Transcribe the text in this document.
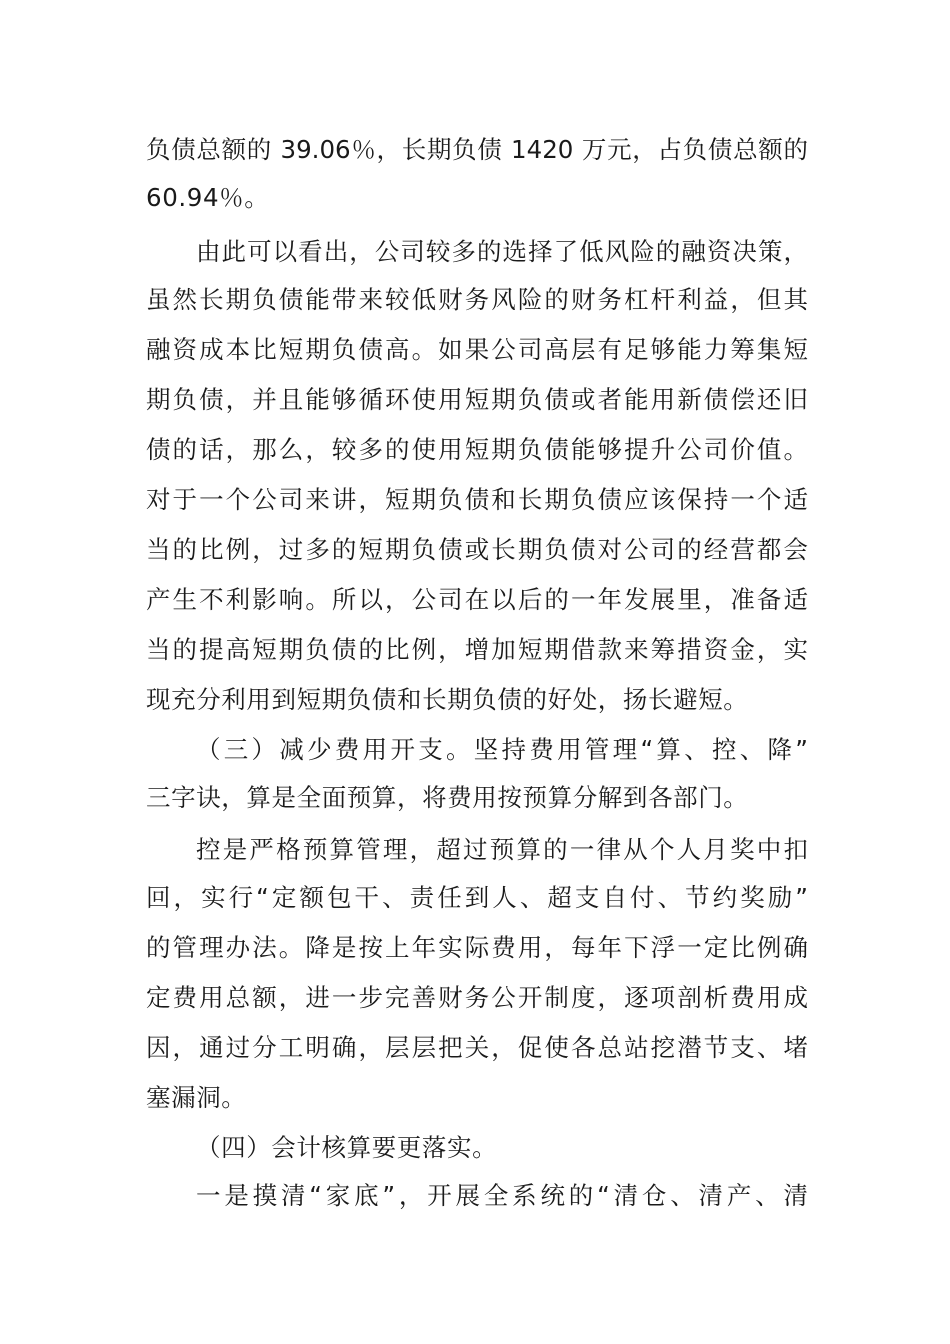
负债总额的 39.06％，长期负债 1420 万元，占负债总额的
60.94％。
由此可以看出，公司较多的选择了低风险的融资决策，
虽然长期负债能带来较低财务风险的财务杠杆利益，但其
融资成本比短期负债高。如果公司高层有足够能力筹集短
期负债，并且能够循环使用短期负债或者能用新债偿还旧
债的话，那么，较多的使用短期负债能够提升公司价值。
对于一个公司来讲，短期负债和长期负债应该保持一个适
当的比例，过多的短期负债或长期负债对公司的经营都会
产生不利影响。所以，公司在以后的一年发展里，准备适
当的提高短期负债的比例，增加短期借款来筹措资金，实
现充分利用到短期负债和长期负债的好处，扬长避短。
（三）减少费用开支。坚持费用管理“算、控、降”
三字诀，算是全面预算，将费用按预算分解到各部门。
控是严格预算管理，超过预算的一律从个人月奖中扣
回，实行“定额包干、责任到人、超支自付、节约奖励”
的管理办法。降是按上年实际费用，每年下浮一定比例确
定费用总额，进一步完善财务公开制度，逐项剖析费用成
因，通过分工明确，层层把关，促使各总站挖潜节支、堵
塞漏洞。
（四）会计核算要更落实。
一是摸清“家底”，开展全系统的“清仓、清产、清
